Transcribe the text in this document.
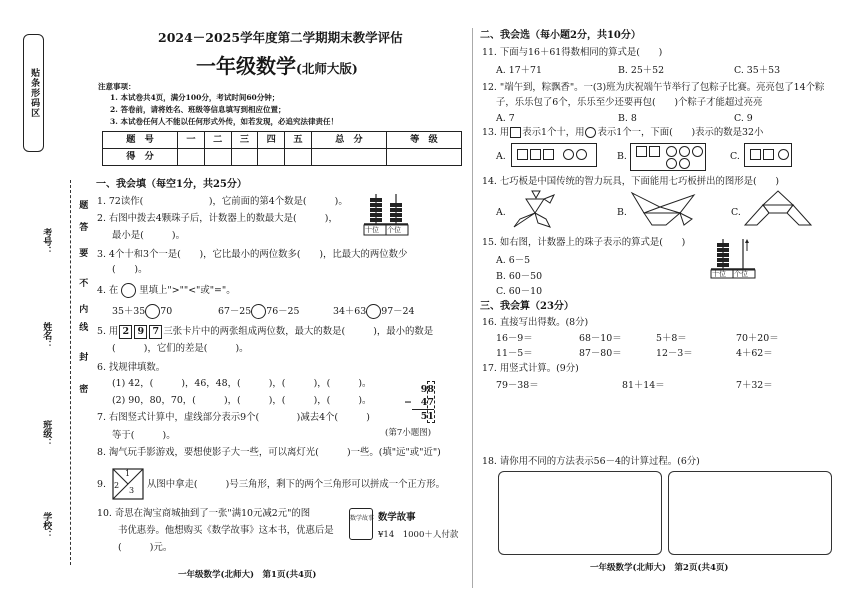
贴条形码区
考号：
姓名：
班级：
学校：
题
答
要
不
内
线
封
密
2024－2025学年度第二学期期末教学评估
一年级数学(北师大版)
注意事项：
1. 本试卷共4页，满分100分，考试时间60分钟；
2. 答卷前，请将姓名、班级等信息填写到相应位置；
3. 本试卷任何人不能以任何形式外传，如若发现，必追究法律责任！
题　号	一	二	三	四	五	总　分	等　级
得　分							
一、我会填（每空1分，共25分）
1. 72读作(　　　　　　　)，它前面的第4个数是(　　　)。
2. 右图中拨去4颗珠子后，计数器上的数最大是(　　　)，
最小是(　　　)。	十位 个位
3. 4个十和3个一是(　　)，它比最小的两位数多(　　)，比最大的两位数少
(　　)。
4. 在 里填上">""<"或"="。
35＋35 70	67－25 76－25	34＋63 97－24
5. 用 2 9 7 三张卡片中的两张组成两位数，最大的数是(　　　)，最小的数是
(　　　)，它们的差是(　　　)。
6. 找规律填数。
(1) 42，(　　　)，46，48，(　　　)，(　　　)，(　　　)。
(2) 90，80，70，(　　　)，(　　　)，(　　　)，(　　　)。
7. 右图竖式计算中，虚线部分表示9个(　　　　)减去4个(　　　)
等于(　　　)。
98
− 47
51
(第7小题图)
8. 淘气玩手影游戏，要想使影子大一些，可以离灯光(　　　)一些。(填"远"或"近")
9.
1
2
3
从图中拿走(　　　)号三角形，剩下的两个三角形可以拼成一个正方形。
10. 奇思在淘宝商城抽到了一张"满10元减2元"的图
书优惠券。他想购买《数学故事》这本书，优惠后是
(　　　)元。
数学故事 数学故事
¥14　1000＋人付款
一年级数学(北师大)　第1页(共4页)
二、我会选（每小题2分，共10分）
11. 下面与16＋61得数相同的算式是(　　)
A. 17＋71	B. 25＋52	C. 35＋53
12. "端午到，粽飘香"。一(3)班为庆祝端午节举行了包粽子比赛。亮亮包了14个粽
子，乐乐包了6个，乐乐至少还要再包(　　)个粽子才能超过亮亮
A. 7	B. 8	C. 9
13. 用 表示1个十，用 表示1个一，下面(　　)表示的数是32小
A.	B.	C.
14. 七巧板是中国传统的智力玩具，下面能用七巧板拼出的图形是(　　)
A.	B.	C.
15. 如右图，计数器上的珠子表示的算式是(　　)
A. 6－5
B. 60－50
C. 60－10
十位 个位
三、我会算（23分）
16. 直接写出得数。(8分)
16－9＝	68－10＝	5＋8＝	70＋20＝
11－5＝	87－80＝	12－3＝	4＋62＝
17. 用竖式计算。(9分)
79－38＝	81＋14＝	7＋32＝
18. 请你用不同的方法表示56－4的计算过程。(6分)
一年级数学(北师大)　第2页(共4页)
